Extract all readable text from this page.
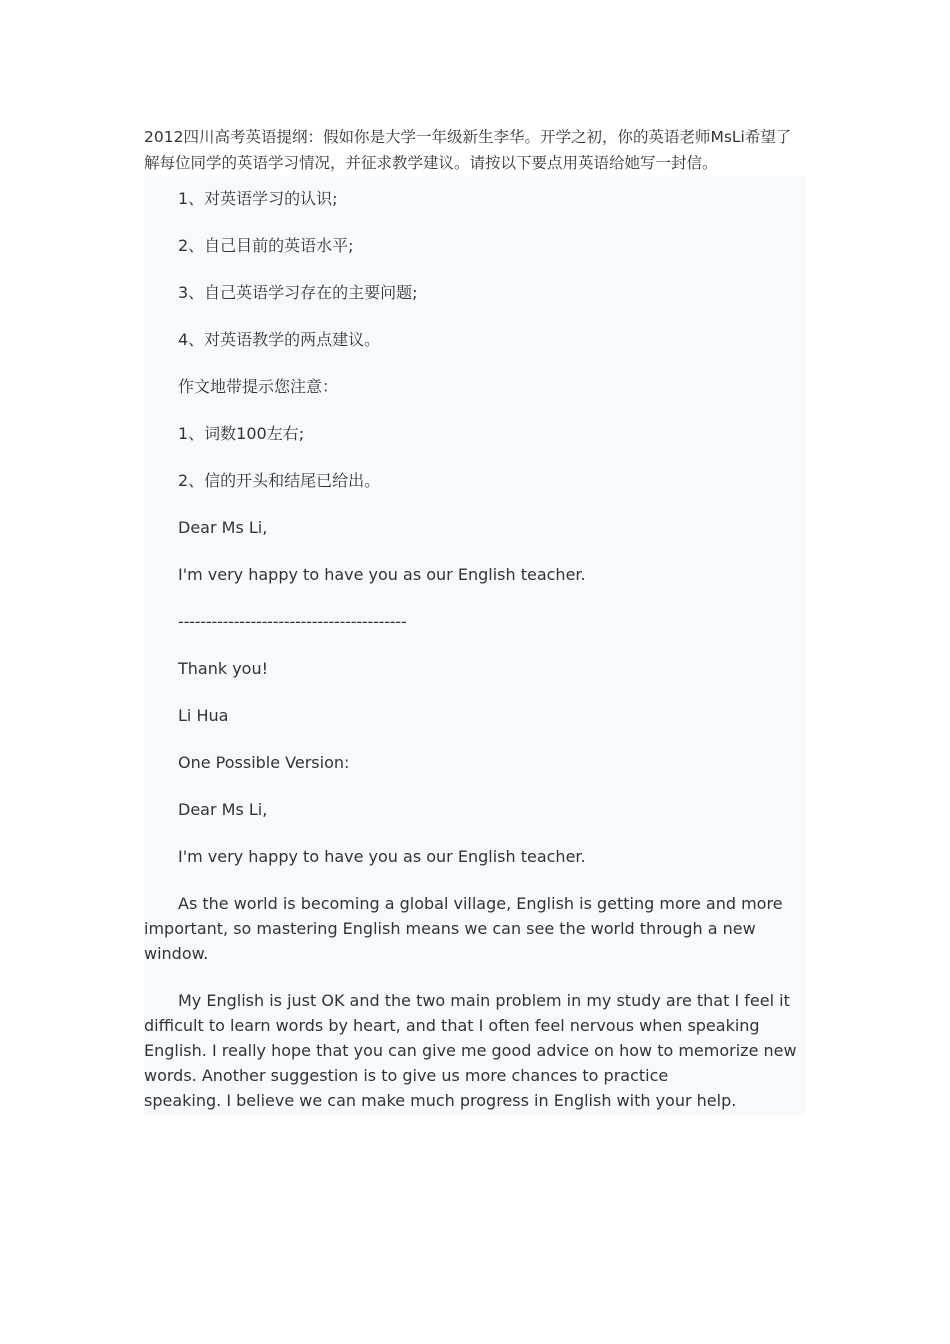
2012四川高考英语提纲：假如你是大学一年级新生李华。开学之初，你的英语老师MsLi希望了解每位同学的英语学习情况，并征求教学建议。请按以下要点用英语给她写一封信。

1、对英语学习的认识;

2、自己目前的英语水平;

3、自己英语学习存在的主要问题;

4、对英语教学的两点建议。

作文地带提示您注意：

1、词数100左右;

2、信的开头和结尾已给出。

Dear Ms Li,

I'm very happy to have you as our English teacher.

-----------------------------------------

Thank you!

Li Hua

One Possible Version:

Dear Ms Li,

I'm very happy to have you as our English teacher.

As the world is becoming a global village, English is getting more and more
important, so mastering English means we can see the world through a new window.

My English is just OK and the two main problem in my study are that I feel it difficult to learn words by heart, and that I often feel nervous when speaking English. I really hope that you can give me good advice on how to memorize new words. Another suggestion is to give us more chances to practice
speaking. I believe we can make much progress in English with your help.
